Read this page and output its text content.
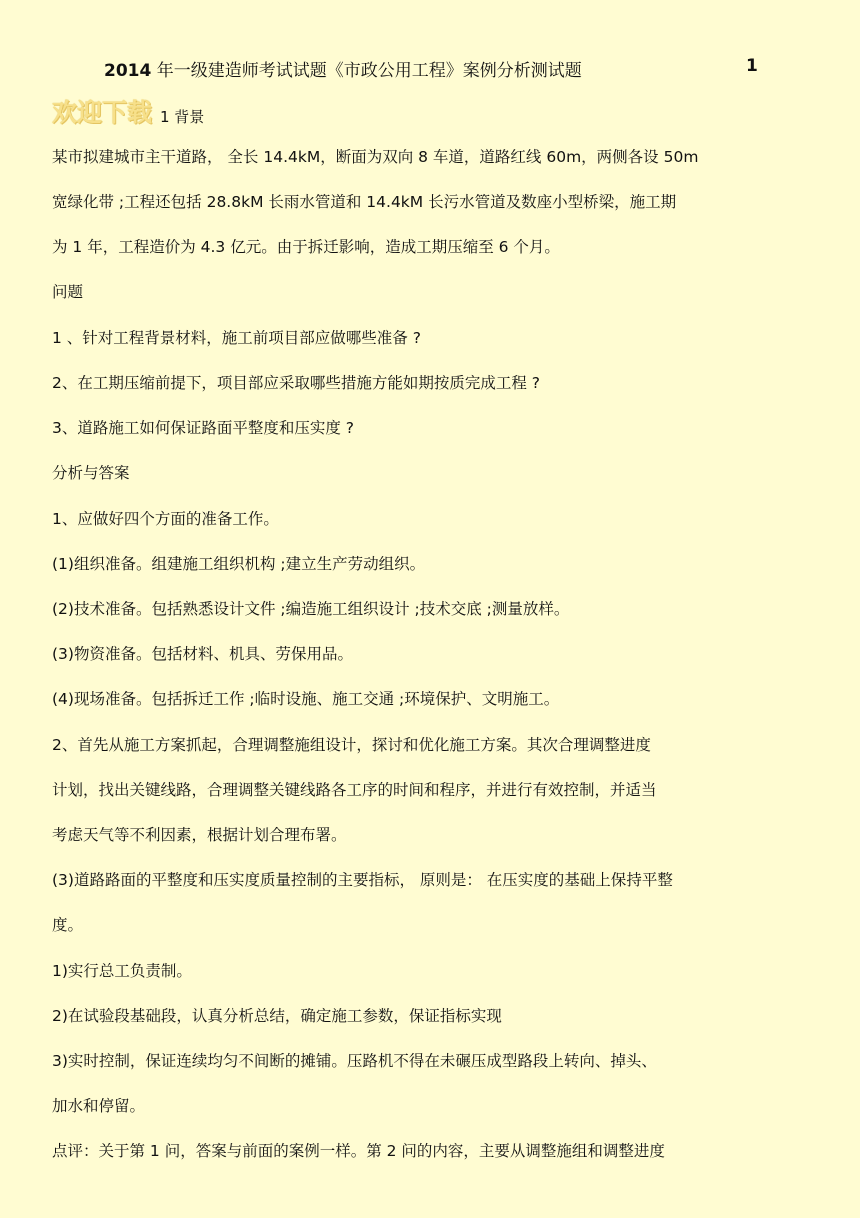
2014 年一级建造师考试试题《市政公用工程》案例分析测试题	1
欢迎下载 1 背景
某市拟建城市主干道路， 全长 14.4kM，断面为双向 8 车道，道路红线 60m，两侧各设 50m
宽绿化带 ;工程还包括 28.8kM 长雨水管道和 14.4kM 长污水管道及数座小型桥梁，施工期
为 1 年，工程造价为 4.3 亿元。由于拆迁影响，造成工期压缩至 6 个月。
问题
1 、针对工程背景材料，施工前项目部应做哪些准备 ?
2、在工期压缩前提下，项目部应采取哪些措施方能如期按质完成工程 ?
3、道路施工如何保证路面平整度和压实度 ?
分析与答案
1、应做好四个方面的准备工作。
(1)组织准备。组建施工组织机构 ;建立生产劳动组织。
(2)技术准备。包括熟悉设计文件 ;编造施工组织设计 ;技术交底 ;测量放样。
(3)物资准备。包括材料、机具、劳保用品。
(4)现场准备。包括拆迁工作 ;临时设施、施工交通 ;环境保护、文明施工。
2、首先从施工方案抓起，合理调整施组设计，探讨和优化施工方案。其次合理调整进度
计划，找出关键线路，合理调整关键线路各工序的时间和程序，并进行有效控制，并适当
考虑天气等不利因素，根据计划合理布署。
(3)道路路面的平整度和压实度质量控制的主要指标， 原则是： 在压实度的基础上保持平整
度。
1)实行总工负责制。
2)在试验段基础段，认真分析总结，确定施工参数，保证指标实现
3)实时控制，保证连续均匀不间断的摊铺。压路机不得在未碾压成型路段上转向、掉头、
加水和停留。
点评：关于第 1 问，答案与前面的案例一样。第 2 问的内容，主要从调整施组和调整进度
